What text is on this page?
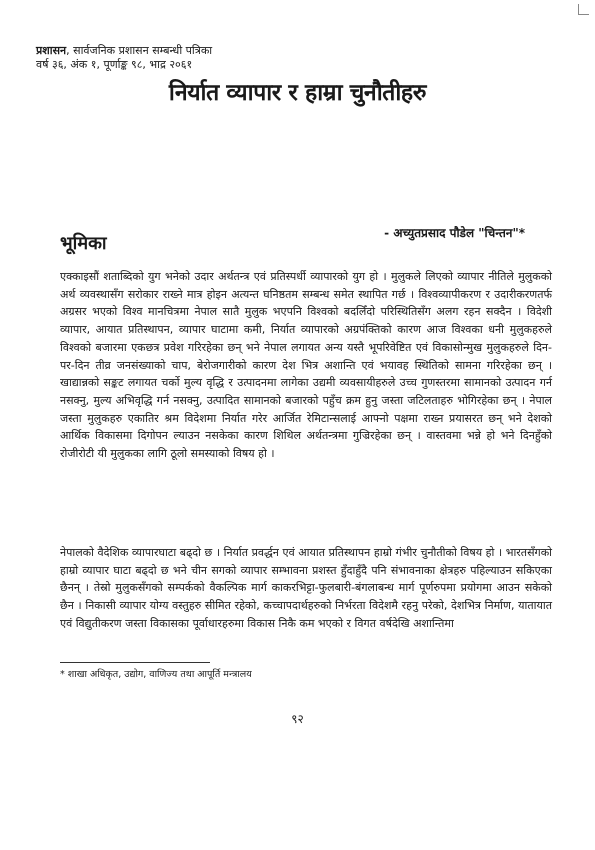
प्रशासन, सार्वजनिक प्रशासन सम्बन्धी पत्रिका
वर्ष ३६, अंक १, पूर्णाङ्क ९८, भाद्र २०६१
निर्यात व्यापार र हाम्रा चुनौतीहरु
- अच्युतप्रसाद पौडेल "चिन्तन"*
भूमिका
एक्काइसौं शताब्दिको युग भनेको उदार अर्थतन्त्र एवं प्रतिस्पर्धी व्यापारको युग हो । मुलुकले लिएको व्यापार नीतिले मुलुकको अर्थ व्यवस्थासँग सरोकार राख्ने मात्र होइन अत्यन्त घनिष्ठतम सम्बन्ध समेत स्थापित गर्छ । विश्वव्यापीकरण र उदारीकरणतर्फ अग्रसर भएको विश्व मानचित्रमा नेपाल सातै मुलुक भएपनि विश्वको बदलिँदो परिस्थितिसँग अलग रहन सक्दैन । विदेशी व्यापार, आयात प्रतिस्थापन, व्यापार घाटामा कमी, निर्यात व्यापारको अग्रपंक्तिको कारण आज विश्वका धनी मुलुकहरुले विश्वको बजारमा एकछत्र प्रवेश गरिरहेका छन् भने नेपाल लगायत अन्य यस्तै भूपरिवेष्टित एवं विकासोन्मुख मुलुकहरुले दिन-पर-दिन तीव्र जनसंख्याको चाप, बेरोजगारीको कारण देश भित्र अशान्ति एवं भयावह स्थितिको सामना गरिरहेका छन् । खाद्यान्नको सङ्कट लगायत चर्को मुल्य वृद्धि र उत्पादनमा लागेका उद्यमी व्यवसायीहरुले उच्च गुणस्तरमा सामानको उत्पादन गर्न नसक्नु, मुल्य अभिवृद्धि गर्न नसक्नु, उत्पादित सामानको बजारको पहुँच क्रम हुनु जस्ता जटिलताहरु भोगिरहेका छन् । नेपाल जस्ता मुलुकहरु एकातिर श्रम विदेशमा निर्यात गरेर आर्जित रेमिटान्सलाई आफ्नो पक्षमा राख्न प्रयासरत छन् भने देशको आर्थिक विकासमा दिगोपन ल्याउन नसकेका कारण शिथिल अर्थतन्त्रमा गुज्रिरहेका छन् । वास्तवमा भन्ने हो भने दिनहुँको रोजीरोटी यी मुलुकका लागि ठूलो समस्याको विषय हो ।
नेपालको वैदेशिक व्यापारघाटा बढ्दो छ । निर्यात प्रवर्द्धन एवं आयात प्रतिस्थापन हाम्रो गंभीर चुनौतीको विषय हो । भारतसँगको हाम्रो व्यापार घाटा बढ्दो छ भने चीन सगको व्यापार सम्भावना प्रशस्त हुँदाहुँदै पनि संभावनाका क्षेत्रहरु पहिल्याउन सकिएका छैनन् । तेस्रो मुलुकसँगको सम्पर्कको वैकल्पिक मार्ग काकरभिट्टा-फुलबारी-बंगलाबन्ध मार्ग पूर्णरुपमा प्रयोगमा आउन सकेको छैन । निकासी व्यापार योग्य वस्तुहरु सीमित रहेको, कच्चापदार्थहरुको निर्भरता विदेशमै रहनु परेको, देशभित्र निर्माण, यातायात एवं विद्युतीकरण जस्ता विकासका पूर्वाधारहरुमा विकास निकै कम भएको र विगत वर्षदेखि अशान्तिमा
* शाखा अधिकृत, उद्योग, वाणिज्य तथा आपूर्ति मन्त्रालय
९२
